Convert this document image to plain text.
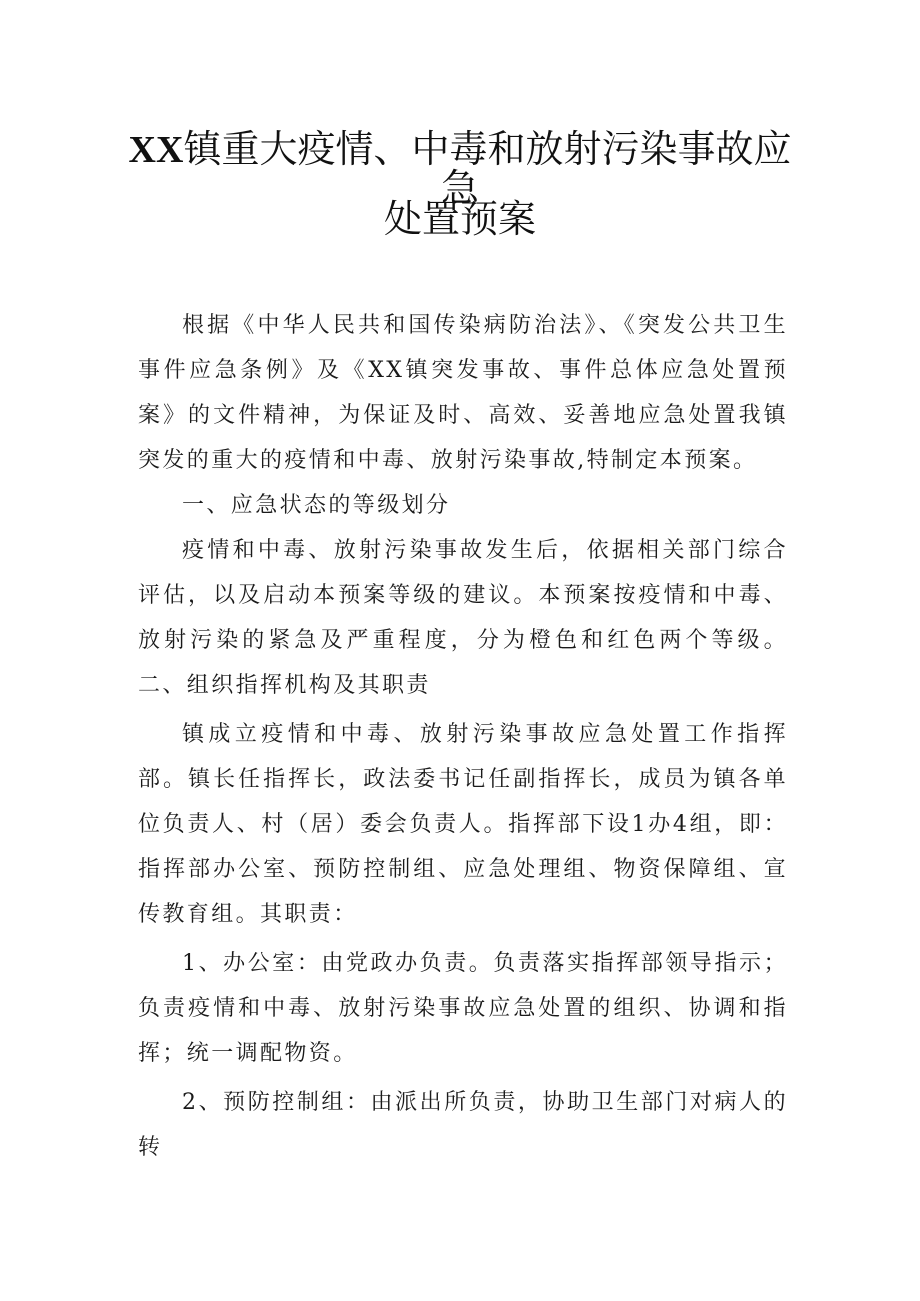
XX镇重大疫情、中毒和放射污染事故应急
处置预案

根据《中华人民共和国传染病防治法》、《突发公共卫生事件应急条例》及《XX镇突发事故、事件总体应急处置预案》的文件精神，为保证及时、高效、妥善地应急处置我镇突发的重大的疫情和中毒、放射污染事故,特制定本预案。

一、应急状态的等级划分

疫情和中毒、放射污染事故发生后，依据相关部门综合评估，以及启动本预案等级的建议。本预案按疫情和中毒、放射污染的紧急及严重程度，分为橙色和红色两个等级。二、组织指挥机构及其职责

镇成立疫情和中毒、放射污染事故应急处置工作指挥部。镇长任指挥长，政法委书记任副指挥长，成员为镇各单位负责人、村（居）委会负责人。指挥部下设1办4组，即：指挥部办公室、预防控制组、应急处理组、物资保障组、宣传教育组。其职责：

1、办公室：由党政办负责。负责落实指挥部领导指示；负责疫情和中毒、放射污染事故应急处置的组织、协调和指挥；统一调配物资。

2、预防控制组：由派出所负责，协助卫生部门对病人的转
